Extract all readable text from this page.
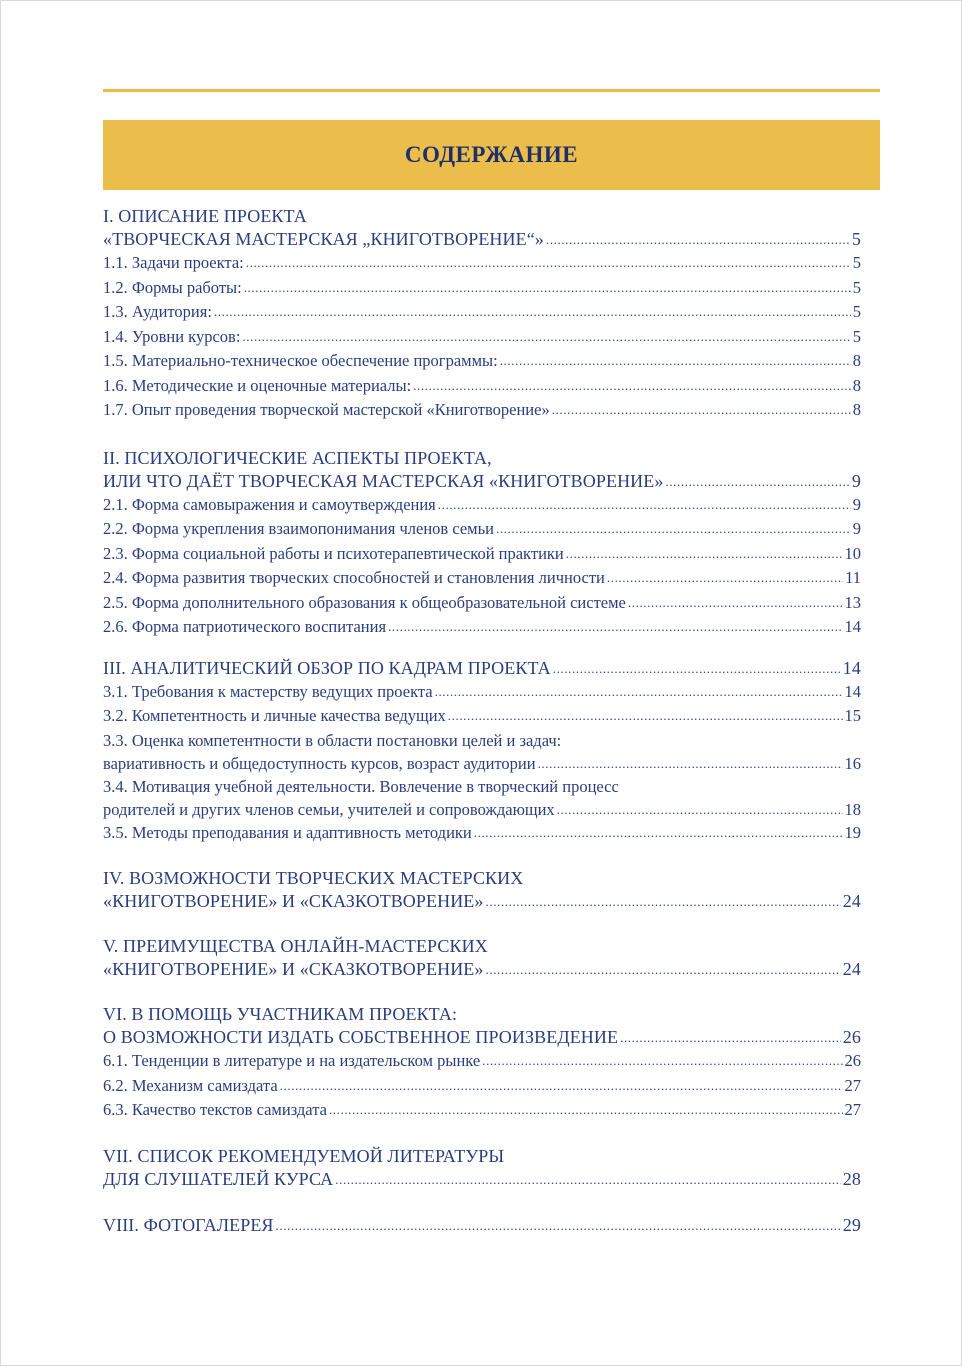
СОДЕРЖАНИЕ
I. ОПИСАНИЕ ПРОЕКТА
«ТВОРЧЕСКАЯ МАСТЕРСКАЯ „КНИГОТВОРЕНИЕ“» .....	5
1.1. Задачи проекта: .....	5
1.2. Формы работы: .....	5
1.3. Аудитория: .....	5
1.4. Уровни курсов: .....	5
1.5. Материально-техническое обеспечение программы: .....	8
1.6. Методические и оценочные материалы: .....	8
1.7. Опыт проведения творческой мастерской «Книготворение» .....	8
II. ПСИХОЛОГИЧЕСКИЕ АСПЕКТЫ ПРОЕКТА,
ИЛИ ЧТО ДАЁТ ТВОРЧЕСКАЯ МАСТЕРСКАЯ «КНИГОТВОРЕНИЕ» .....	9
2.1. Форма самовыражения и самоутверждения .....	9
2.2. Форма укрепления взаимопонимания членов семьи .....	9
2.3. Форма социальной работы и психотерапевтической практики .....	10
2.4. Форма развития творческих способностей и становления личности .....	11
2.5. Форма дополнительного образования к общеобразовательной системе .....	13
2.6. Форма патриотического воспитания .....	14
III. АНАЛИТИЧЕСКИЙ ОБЗОР ПО КАДРАМ ПРОЕКТА .....	14
3.1. Требования к мастерству ведущих проекта .....	14
3.2. Компетентность и личные качества ведущих .....	15
3.3. Оценка компетентности в области постановки целей и задач:
вариативность и общедоступность курсов, возраст аудитории .....	16
3.4. Мотивация учебной деятельности. Вовлечение в творческий процесс
родителей и других членов семьи, учителей и сопровождающих .....	18
3.5. Методы преподавания и адаптивность методики .....	19
IV. ВОЗМОЖНОСТИ ТВОРЧЕСКИХ МАСТЕРСКИХ
«КНИГОТВОРЕНИЕ» И «СКАЗКОТВОРЕНИЕ» .....	24
V. ПРЕИМУЩЕСТВА ОНЛАЙН-МАСТЕРСКИХ
«КНИГОТВОРЕНИЕ» И «СКАЗКОТВОРЕНИЕ» .....	24
VI. В ПОМОЩЬ УЧАСТНИКАМ ПРОЕКТА:
О ВОЗМОЖНОСТИ ИЗДАТЬ СОБСТВЕННОЕ ПРОИЗВЕДЕНИЕ .....	26
6.1. Тенденции в литературе и на издательском рынке .....	26
6.2. Механизм самиздата .....	27
6.3. Качество текстов самиздата .....	27
VII. СПИСОК РЕКОМЕНДУЕМОЙ ЛИТЕРАТУРЫ
ДЛЯ СЛУШАТЕЛЕЙ КУРСА .....	28
VIII. ФОТОГАЛЕРЕЯ .....	29
